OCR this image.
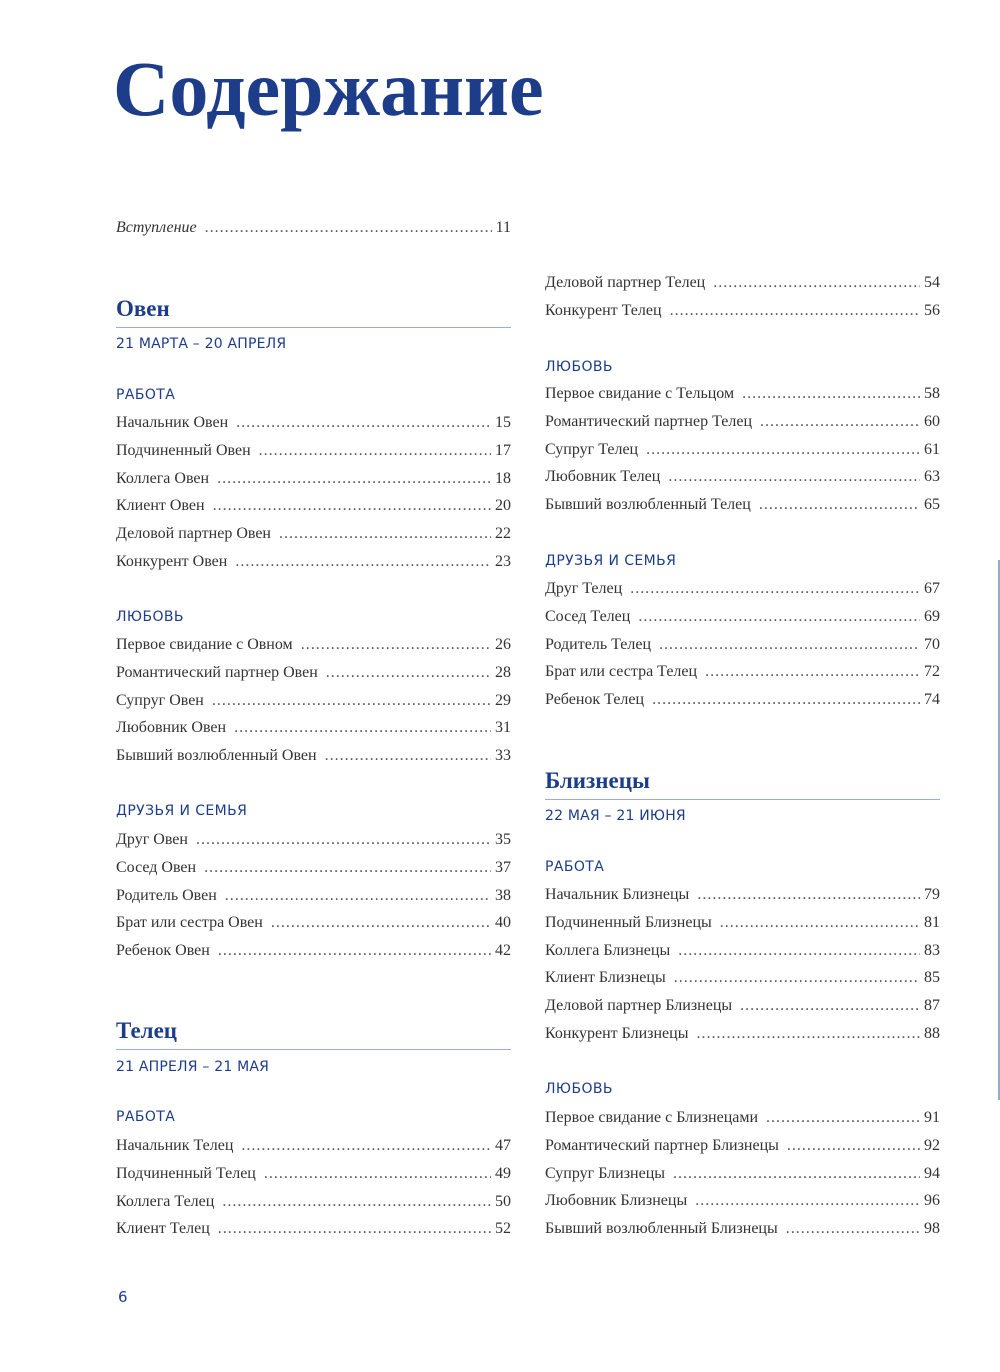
Содержание
Вступление .....	11
Овен
21 МАРТА – 20 АПРЕЛЯ
РАБОТА
Начальник Овен .....	15
Подчиненный Овен .....	17
Коллега Овен .....	18
Клиент Овен .....	20
Деловой партнер Овен .....	22
Конкурент Овен .....	23
ЛЮБОВЬ
Первое свидание с Овном .....	26
Романтический партнер Овен .....	28
Супруг Овен .....	29
Любовник Овен .....	31
Бывший возлюбленный Овен .....	33
ДРУЗЬЯ И СЕМЬЯ
Друг Овен .....	35
Сосед Овен .....	37
Родитель Овен .....	38
Брат или сестра Овен .....	40
Ребенок Овен .....	42
Телец
21 АПРЕЛЯ – 21 МАЯ
РАБОТА
Начальник Телец .....	47
Подчиненный Телец .....	49
Коллега Телец .....	50
Клиент Телец .....	52
Деловой партнер Телец .....	54
Конкурент Телец .....	56
ЛЮБОВЬ
Первое свидание с Тельцом .....	58
Романтический партнер Телец .....	60
Супруг Телец .....	61
Любовник Телец .....	63
Бывший возлюбленный Телец .....	65
ДРУЗЬЯ И СЕМЬЯ
Друг Телец .....	67
Сосед Телец .....	69
Родитель Телец .....	70
Брат или сестра Телец .....	72
Ребенок Телец .....	74
Близнецы
22 МАЯ – 21 ИЮНЯ
РАБОТА
Начальник Близнецы .....	79
Подчиненный Близнецы .....	81
Коллега Близнецы .....	83
Клиент Близнецы .....	85
Деловой партнер Близнецы .....	87
Конкурент Близнецы .....	88
ЛЮБОВЬ
Первое свидание с Близнецами .....	91
Романтический партнер Близнецы .....	92
Супруг Близнецы .....	94
Любовник Близнецы .....	96
Бывший возлюбленный Близнецы .....	98
6
